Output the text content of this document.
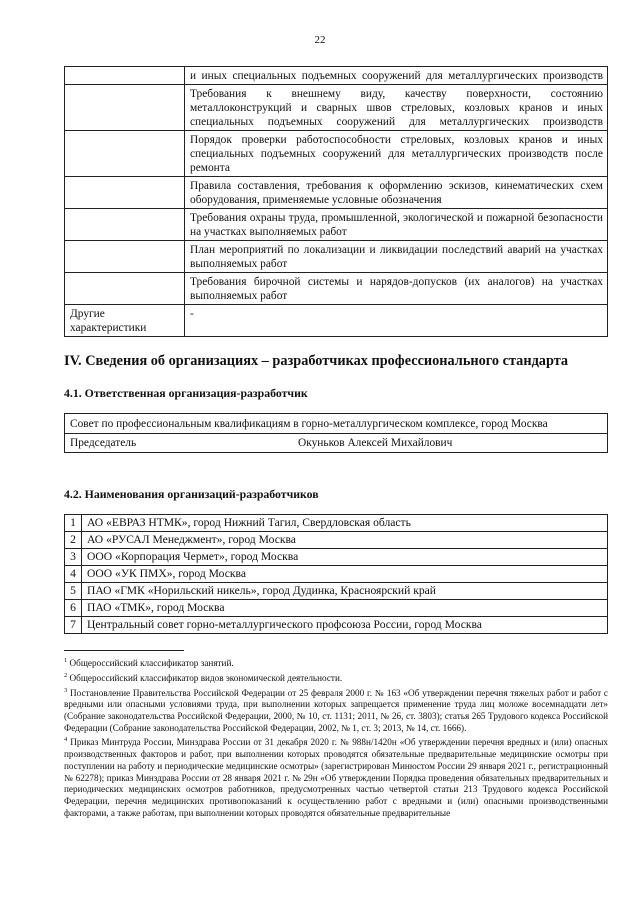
22
	и иных специальных подъемных сооружений для металлургических производств
	Требования к внешнему виду, качеству поверхности, состоянию металлоконструкций и сварных швов стреловых, козловых кранов и иных специальных подъемных сооружений для металлургических производств
	Порядок проверки работоспособности стреловых, козловых кранов и иных специальных подъемных сооружений для металлургических производств после ремонта
	Правила составления, требования к оформлению эскизов, кинематических схем оборудования, применяемые условные обозначения
	Требования охраны труда, промышленной, экологической и пожарной безопасности на участках выполняемых работ
	План мероприятий по локализации и ликвидации последствий аварий на участках выполняемых работ
	Требования бирочной системы и нарядов-допусков (их аналогов) на участках выполняемых работ
Другие характеристики	-
IV. Сведения об организациях – разработчиках профессионального стандарта
4.1. Ответственная организация-разработчик
Совет по профессиональным квалификациям в горно-металлургическом комплексе, город Москва
Председатель	Окуньков Алексей Михайлович
4.2. Наименования организаций-разработчиков
1	АО «ЕВРАЗ НТМК», город Нижний Тагил, Свердловская область
2	АО «РУСАЛ Менеджмент», город Москва
3	ООО «Корпорация Чермет», город Москва
4	ООО «УК ПМХ», город Москва
5	ПАО «ГМК «Норильский никель», город Дудинка, Красноярский край
6	ПАО «ТМК», город Москва
7	Центральный совет горно-металлургического профсоюза России, город Москва

$^1$ Общероссийский классификатор занятий.

$^2$ Общероссийский классификатор видов экономической деятельности.

$^3$ Постановление Правительства Российской Федерации от 25 февраля 2000 г. № 163 «Об утверждении перечня тяжелых работ и работ с вредными или опасными условиями труда, при выполнении которых запрещается применение труда лиц моложе восемнадцати лет» (Собрание законодательства Российской Федерации, 2000, № 10, ст. 1131; 2011, № 26, ст. 3803); статья 265 Трудового кодекса Российской Федерации (Собрание законодательства Российской Федерации, 2002, № 1, ст. 3; 2013, № 14, ст. 1666).

$^4$ Приказ Минтруда России, Минздрава России от 31 декабря 2020 г. № 988н/1420н «Об утверждении перечня вредных и (или) опасных производственных факторов и работ, при выполнении которых проводятся обязательные предварительные медицинские осмотры при поступлении на работу и периодические медицинские осмотры» (зарегистрирован Минюстом России 29 января 2021 г., регистрационный № 62278); приказ Минздрава России от 28 января 2021 г. № 29н «Об утверждении Порядка проведения обязательных предварительных и периодических медицинских осмотров работников, предусмотренных частью четвертой статьи 213 Трудового кодекса Российской Федерации, перечня медицинских противопоказаний к осуществлению работ с вредными и (или) опасными производственными факторами, а также работам, при выполнении которых проводятся обязательные предварительные
